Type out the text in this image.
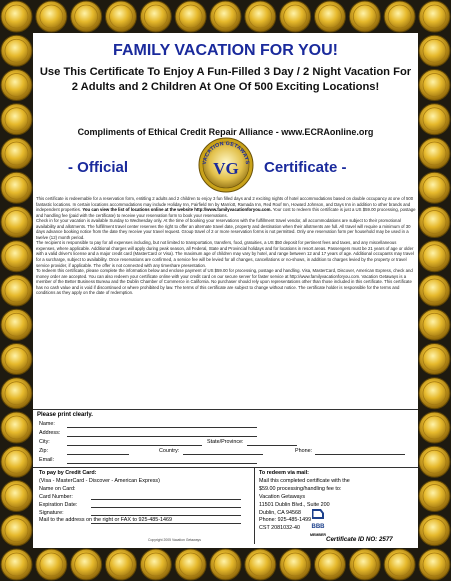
FAMILY VACATION FOR YOU!
Use This Certificate To Enjoy A Fun-Filled 3 Day / 2 Night Vacation For 2 Adults and 2 Children At One Of 500 Exciting Locations!
Compliments of Ethical Credit Repair Alliance - www.ECRAonline.org
- Official	VACATION GETAWAYS
VG Certificate -
This certificate is redeemable for a reservation form, entitling 2 adults and 2 children to enjoy 3 fun filled days and 2 exciting nights of hotel accommodations based on double occupancy at one of 500 fantastic locations. In certain locations accommodations may include Holiday Inn, Fairfield Inn by Marriott, Ramada Inn, Red Roof Inn, Howard Johnson, and Days Inn in addition to other brands and independent properties. You can view the list of locations online at the website http://www.familyvacationforyou.com. Your cost to redeem this certificate is just a US $59.00 processing, postage and handling fee (paid with the certificate) to receive your reservation form to book your reservations.
Check in for your vacation is available Sunday to Wednesday only. At the time of booking your reservations with the fulfillment travel vendor, all accommodations are subject to their promotional availability and allotments. The fulfillment travel center reserves the right to offer an alternate travel date, property and destination when their allotments are full. All travel will require a minimum of 30 days advance booking notice from the date they receive your travel request. Group travel of 2 or more reservation forms is not permitted. Only one reservation form per household may be used in a twelve (12) month period.
The recipient is responsible to pay for all expenses including, but not limited to transportation, transfers, food, gratuities, a US $50 deposit for pertinent fees and taxes, and any miscellaneous expenses, where applicable. Additional charges will apply during peak season, all Federal, State and Provincial holidays and for locations in resort areas. Passengers must be 21 years of age or older with a valid driver's license and a major credit card (MasterCard or Visa). The maximum age of children may vary by hotel, and range between 12 and 17 years of age. Additional occupants may travel for a surcharge, subject to availability. Once reservations are confirmed, a service fee will be levied for all changes, cancellations or no-shows, in addition to charges levied by the property or travel service provider, if applicable. The offer is not connected with any timeshare presentation.
To redeem this certificate, please complete the information below and enclose payment of US $59.00 for processing, postage and handling. Visa, MasterCard, Discover, American Express, check and money order are accepted. You can also redeem your certificate online with your credit card on our secure server for faster service at http://www.familyvacationforyou.com. Vacation Getaways is a member of the Better Business Bureau and the Dublin Chamber of Commerce in California. No purchaser should rely upon representations other than those included in this certificate. This certificate has no cash value and is void if discontinued or where prohibited by law. The terms of this certificate are subject to change without notice. The certificate holder is responsible for the terms and conditions as they apply on the date of redemption.
Please print clearly.
Name:
Address:
City:	State/Province:
Zip:	Country:	Phone:
Email:
To pay by Credit Card:
(Visa - MasterCard - Discover - American Express)
Name on Card:
Card Number:
Expiration Date:
Signature:
Mail to the address on the right or FAX to 925-485-1469
To redeem via mail:
Mail this completed certificate with the
$59.00 processing/handling fee to:
Vacation Getaways
11501 Dublin Blvd., Suite 200
Dublin, CA 94568
Phone: 925-485-1499
CST 2081032-40	BBB
MEMBER
Copyright 2005 Vacation Getaways	Certificate ID NO: 2577
